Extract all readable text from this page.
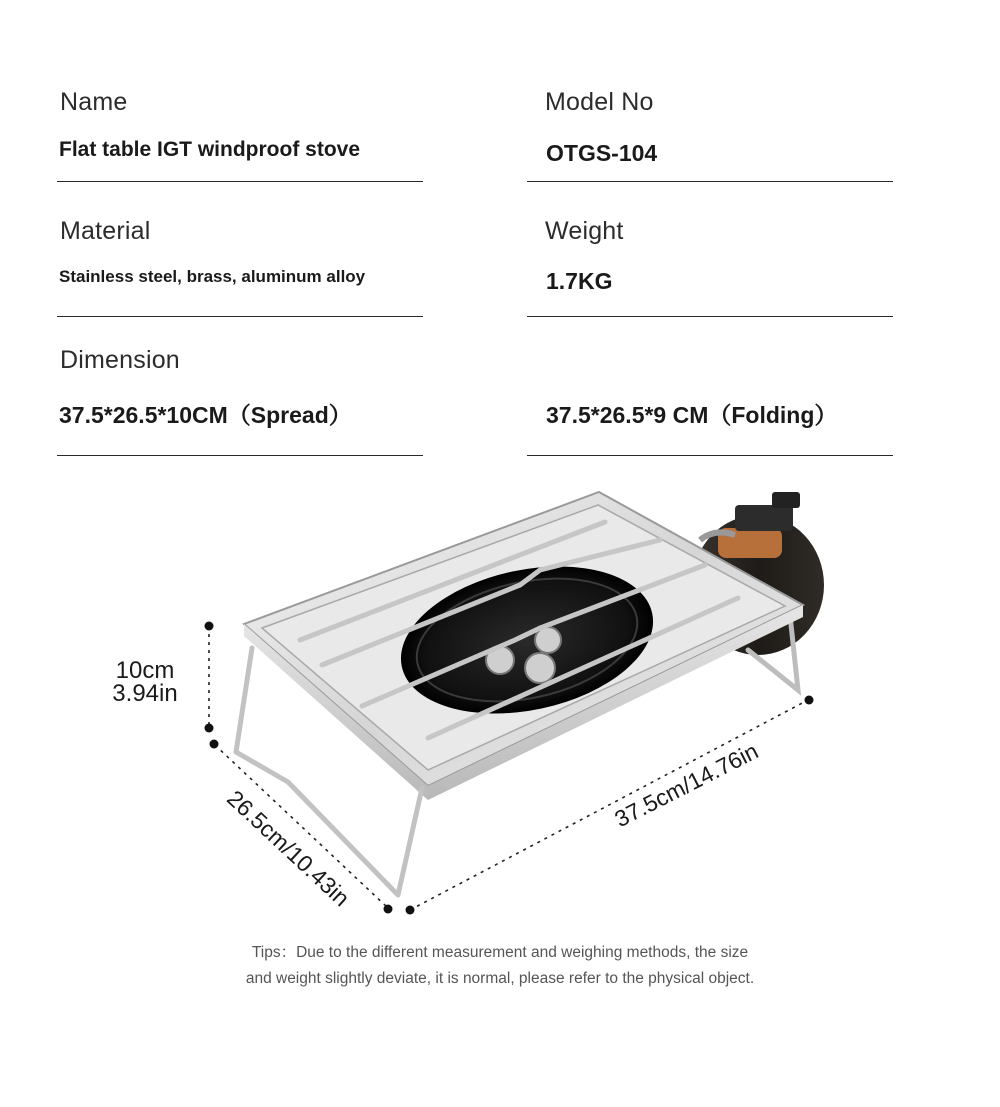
Name
Flat table IGT windproof stove
Model No
OTGS-104
Material
Stainless steel, brass, aluminum alloy
Weight
1.7KG
Dimension
37.5*26.5*10CM（Spread）	37.5*26.5*9 CM（Folding）
10cm
3.94in
26.5cm/10.43in
37.5cm/14.76in
Tips：Due to the different measurement and weighing methods, the size
and weight slightly deviate, it is normal, please refer to the physical object.
